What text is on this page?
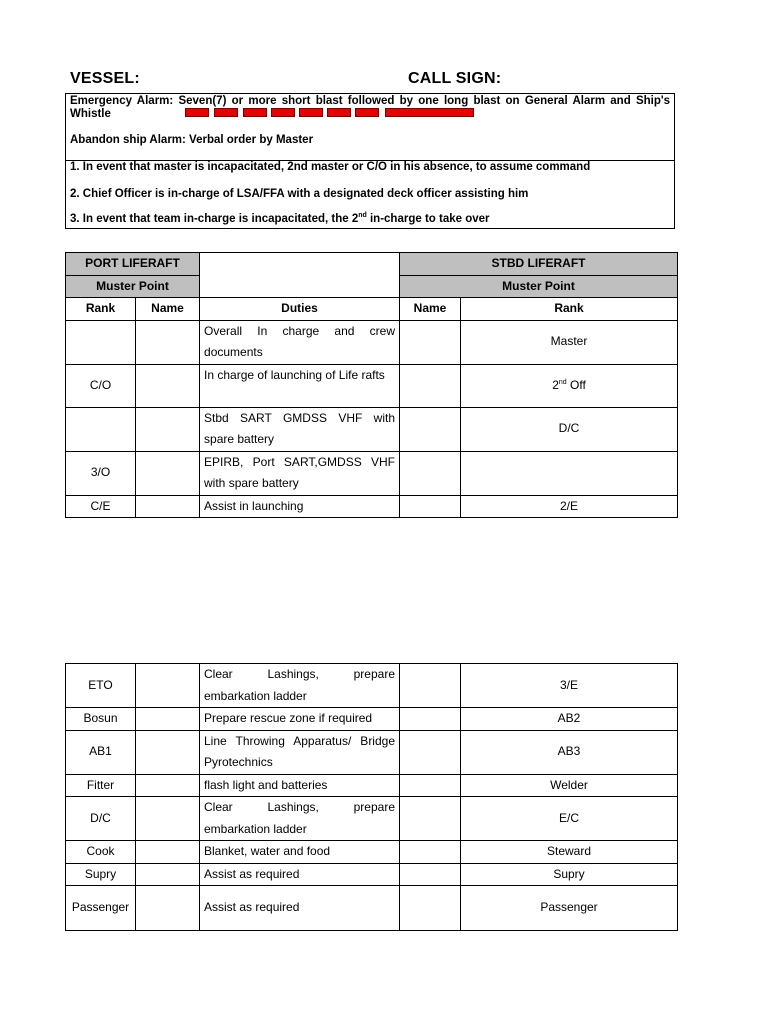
VESSEL:	CALL SIGN:
Emergency Alarm: Seven(7) or more short blast followed by one long blast on General Alarm and Ship's
Whistle
Abandon ship Alarm: Verbal order by Master
1. In event that master is incapacitated, 2nd master or C/O in his absence, to assume command
2. Chief Officer is in-charge of LSA/FFA with a designated deck officer assisting him
3. In event that team in-charge is incapacitated, the 2nd in-charge to take over
PORT LIFERAFT			STBD LIFERAFT	
Muster Point			Muster Point	
Rank	Name	Duties	Name	Rank
		Overall In charge and crew documents		Master
C/O		In charge of launching of Life rafts		2nd Off
		Stbd SART GMDSS VHF with spare battery		D/C
3/O		EPIRB, Port SART,GMDSS VHF with spare battery		
C/E		Assist in launching		2/E
ETO		Clear Lashings, prepare embarkation ladder		3/E
Bosun		Prepare rescue zone if required		AB2
AB1		Line Throwing Apparatus/ Bridge Pyrotechnics		AB3
Fitter		flash light and batteries		Welder
D/C		Clear Lashings, prepare embarkation ladder		E/C
Cook		Blanket, water and food		Steward
Supry		Assist as required		Supry
Passenger		Assist as required		Passenger
